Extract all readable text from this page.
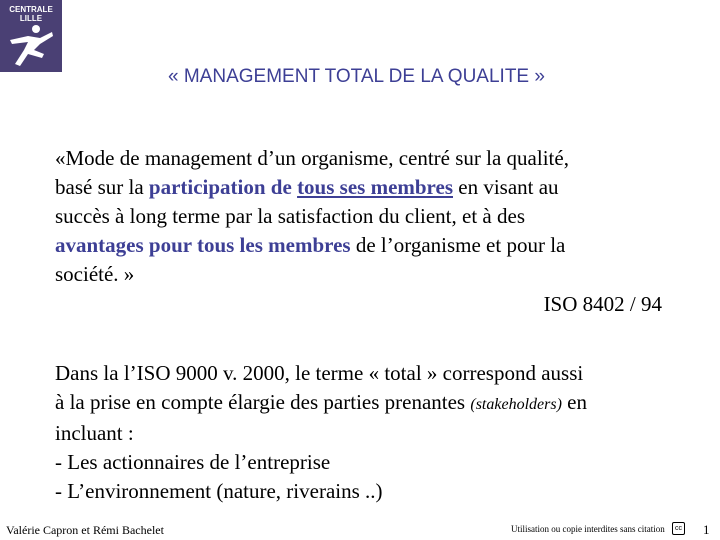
CENTRALE
LILLE
« MANAGEMENT TOTAL DE LA QUALITE »
«Mode de management d’un organisme, centré sur la qualité,
basé sur la participation de tous ses membres en visant au
succès à long terme par la satisfaction du client, et à des
avantages pour tous les membres de l’organisme et pour la
société. »
ISO 8402 / 94
Dans la l’ISO 9000 v. 2000, le terme « total » correspond aussi
à la prise en compte élargie des parties prenantes (stakeholders) en
incluant :
- Les actionnaires de l’entreprise
- L’environnement (nature, riverains ..)
Valérie Capron et Rémi Bachelet	Utilisation ou copie interdites sans citation	cc 1
